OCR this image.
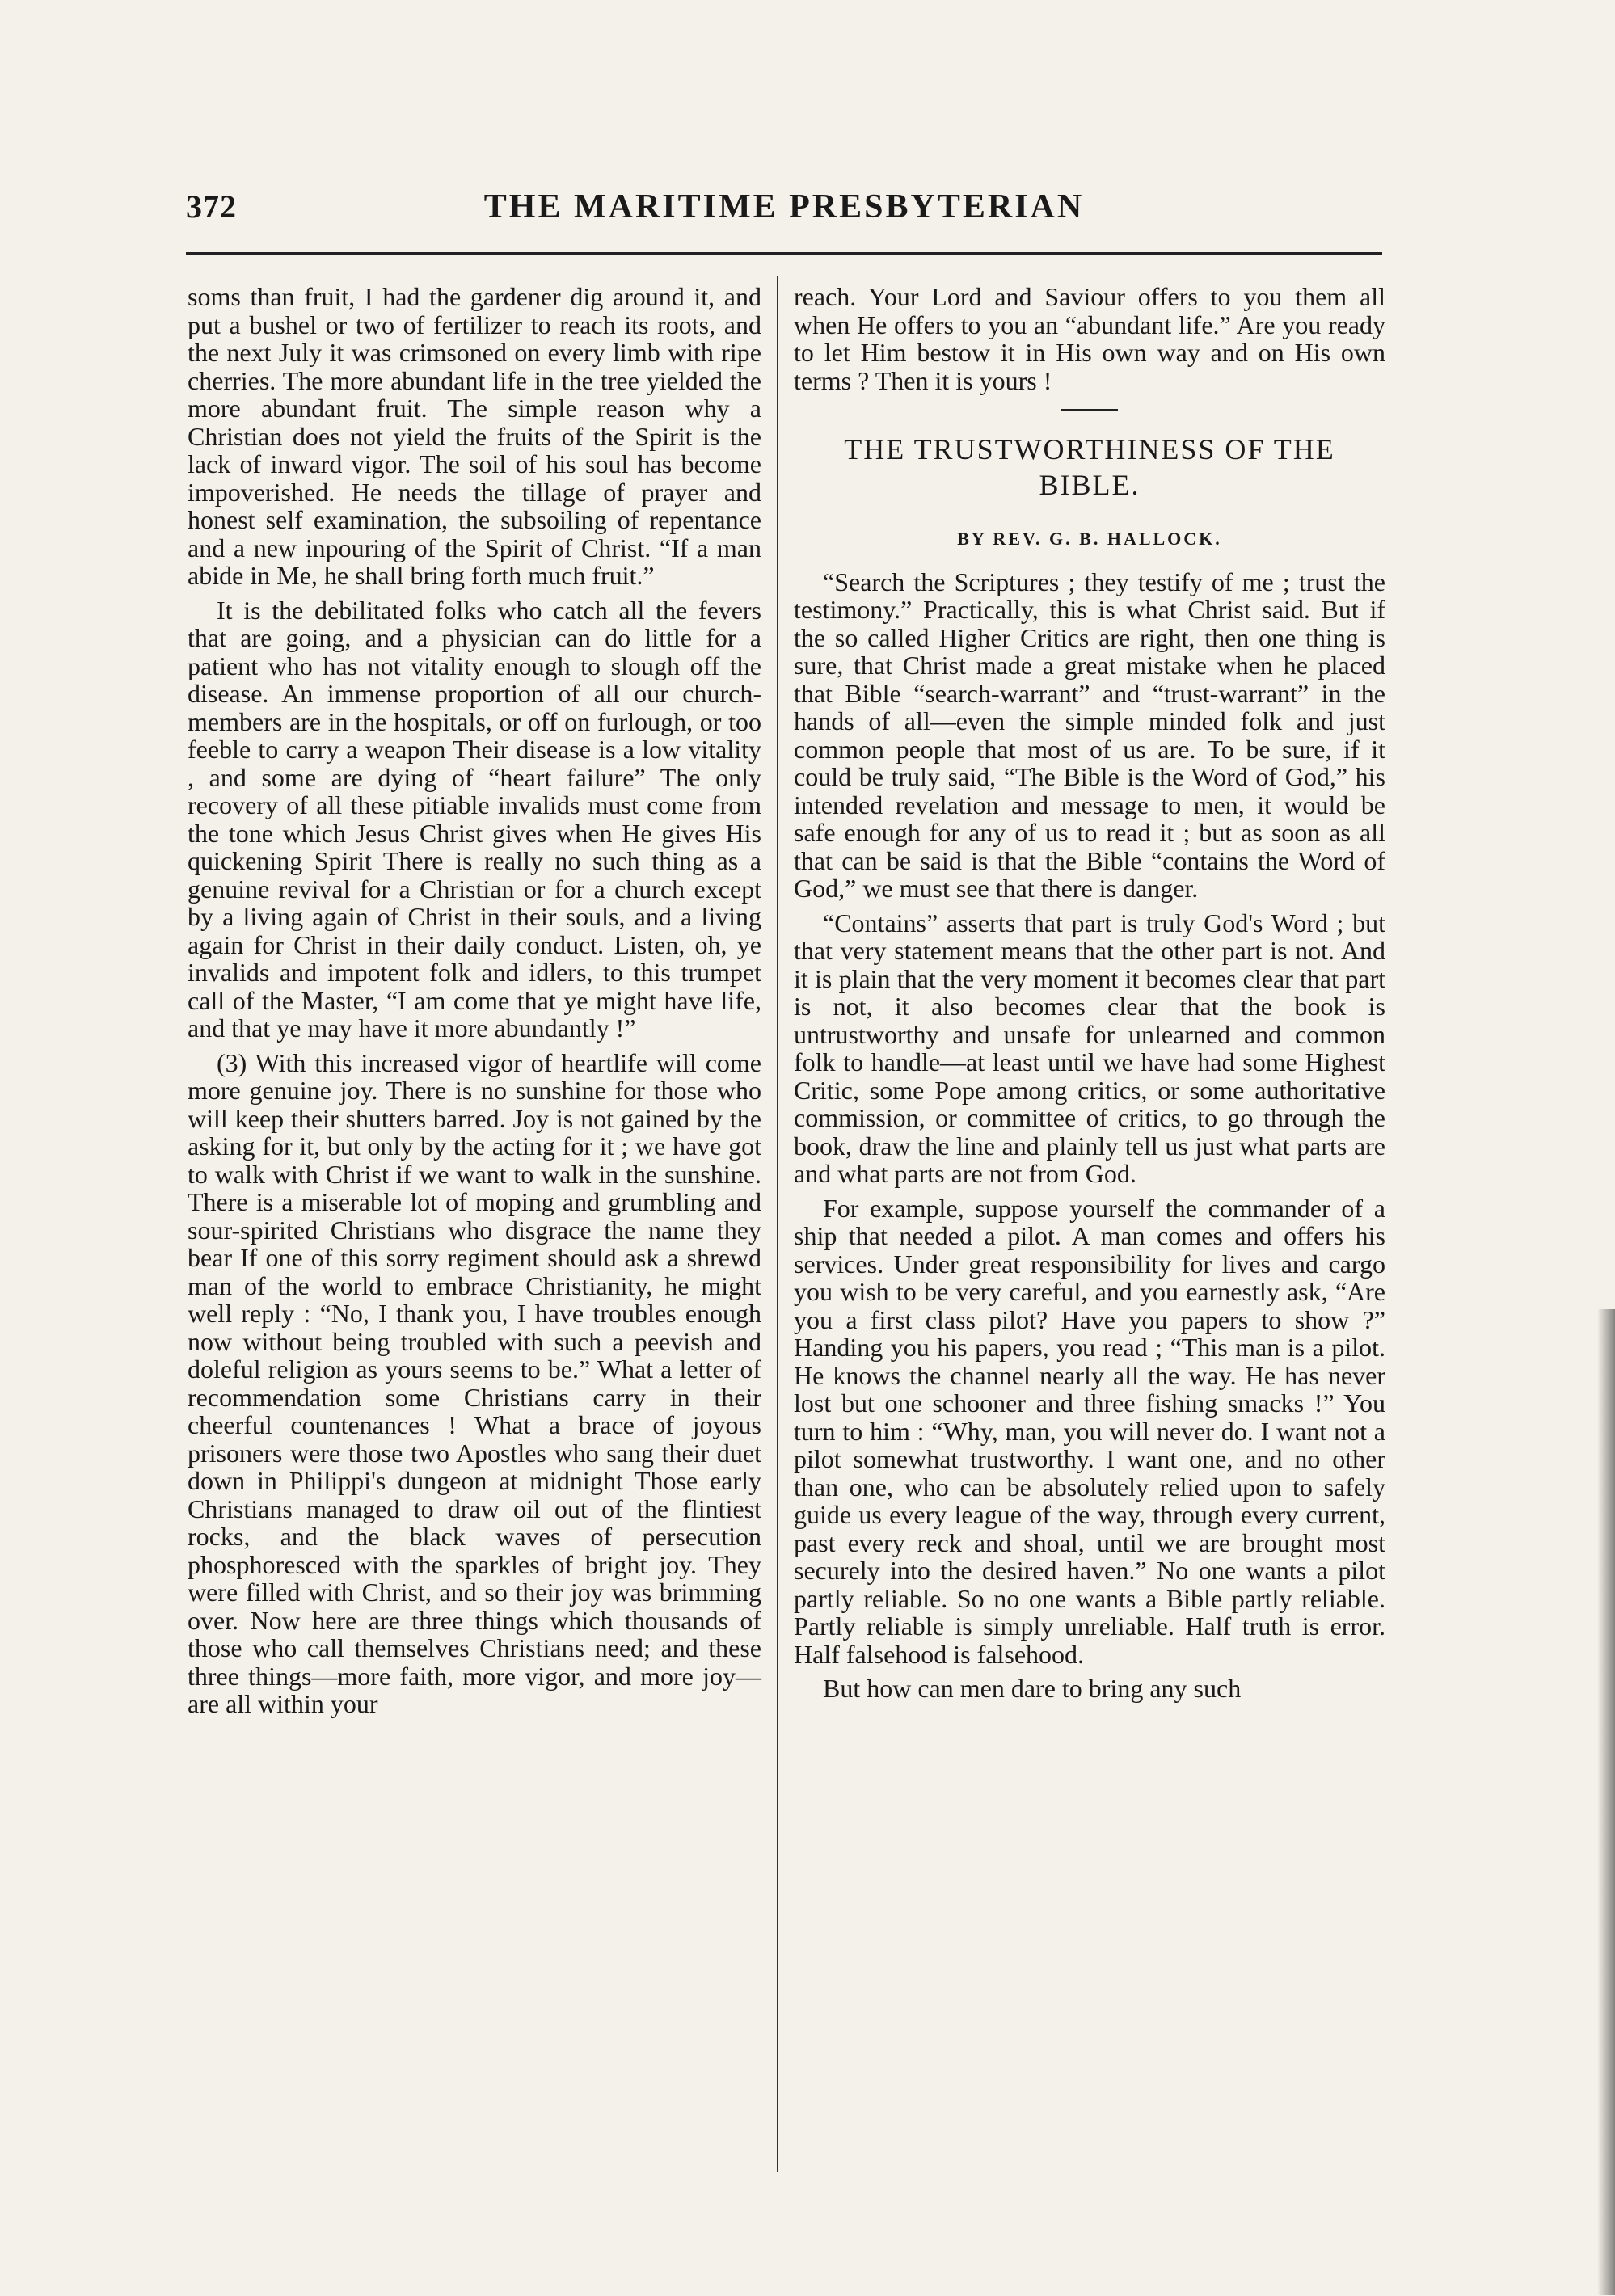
372	THE MARITIME PRESBYTERIAN

soms than fruit, I had the gardener dig around it, and put a bushel or two of fertilizer to reach its roots, and the next July it was crimsoned on every limb with ripe cherries. The more abundant life in the tree yielded the more abundant fruit. The simple reason why a Christian does not yield the fruits of the Spirit is the lack of inward vigor. The soil of his soul has become impoverished. He needs the tillage of prayer and honest self examination, the subsoiling of repentance and a new inpouring of the Spirit of Christ. “If a man abide in Me, he shall bring forth much fruit.”

It is the debilitated folks who catch all the fevers that are going, and a physician can do little for a patient who has not vitality enough to slough off the disease. An immense proportion of all our church-members are in the hospitals, or off on furlough, or too feeble to carry a weapon Their disease is a low vitality , and some are dying of “heart failure” The only recovery of all these pitiable invalids must come from the tone which Jesus Christ gives when He gives His quickening Spirit There is really no such thing as a genuine revival for a Christian or for a church except by a living again of Christ in their souls, and a living again for Christ in their daily conduct. Listen, oh, ye invalids and impotent folk and idlers, to this trumpet call of the Master, “I am come that ye might have life, and that ye may have it more abundantly !”

(3) With this increased vigor of heartlife will come more genuine joy. There is no sunshine for those who will keep their shutters barred. Joy is not gained by the asking for it, but only by the acting for it ; we have got to walk with Christ if we want to walk in the sunshine. There is a miserable lot of moping and grumbling and sour-spirited Christians who disgrace the name they bear If one of this sorry regiment should ask a shrewd man of the world to embrace Christianity, he might well reply : “No, I thank you, I have troubles enough now without being troubled with such a peevish and doleful religion as yours seems to be.” What a letter of recommendation some Christians carry in their cheerful countenances ! What a brace of joyous prisoners were those two Apostles who sang their duet down in Philippi's dungeon at midnight Those early Christians managed to draw oil out of the flintiest rocks, and the black waves of persecution phosphoresced with the sparkles of bright joy. They were filled with Christ, and so their joy was brimming over. Now here are three things which thousands of those who call themselves Christians need; and these three things—more faith, more vigor, and more joy—are all within your

reach. Your Lord and Saviour offers to you them all when He offers to you an “abundant life.” Are you ready to let Him bestow it in His own way and on His own terms ? Then it is yours !

THE TRUSTWORTHINESS OF THE BIBLE.
BY REV. G. B. HALLOCK.

“Search the Scriptures ; they testify of me ; trust the testimony.” Practically, this is what Christ said. But if the so called Higher Critics are right, then one thing is sure, that Christ made a great mistake when he placed that Bible “search-warrant” and “trust-warrant” in the hands of all—even the simple minded folk and just common people that most of us are. To be sure, if it could be truly said, “The Bible is the Word of God,” his intended revelation and message to men, it would be safe enough for any of us to read it ; but as soon as all that can be said is that the Bible “contains the Word of God,” we must see that there is danger.

“Contains” asserts that part is truly God's Word ; but that very statement means that the other part is not. And it is plain that the very moment it becomes clear that part is not, it also becomes clear that the book is untrustworthy and unsafe for unlearned and common folk to handle—at least until we have had some Highest Critic, some Pope among critics, or some authoritative commission, or committee of critics, to go through the book, draw the line and plainly tell us just what parts are and what parts are not from God.

For example, suppose yourself the commander of a ship that needed a pilot. A man comes and offers his services. Under great responsibility for lives and cargo you wish to be very careful, and you earnestly ask, “Are you a first class pilot? Have you papers to show ?” Handing you his papers, you read ; “This man is a pilot. He knows the channel nearly all the way. He has never lost but one schooner and three fishing smacks !” You turn to him : “Why, man, you will never do. I want not a pilot somewhat trustworthy. I want one, and no other than one, who can be absolutely relied upon to safely guide us every league of the way, through every current, past every reck and shoal, until we are brought most securely into the desired haven.” No one wants a pilot partly reliable. So no one wants a Bible partly reliable. Partly reliable is simply unreliable. Half truth is error. Half falsehood is falsehood.

But how can men dare to bring any such
